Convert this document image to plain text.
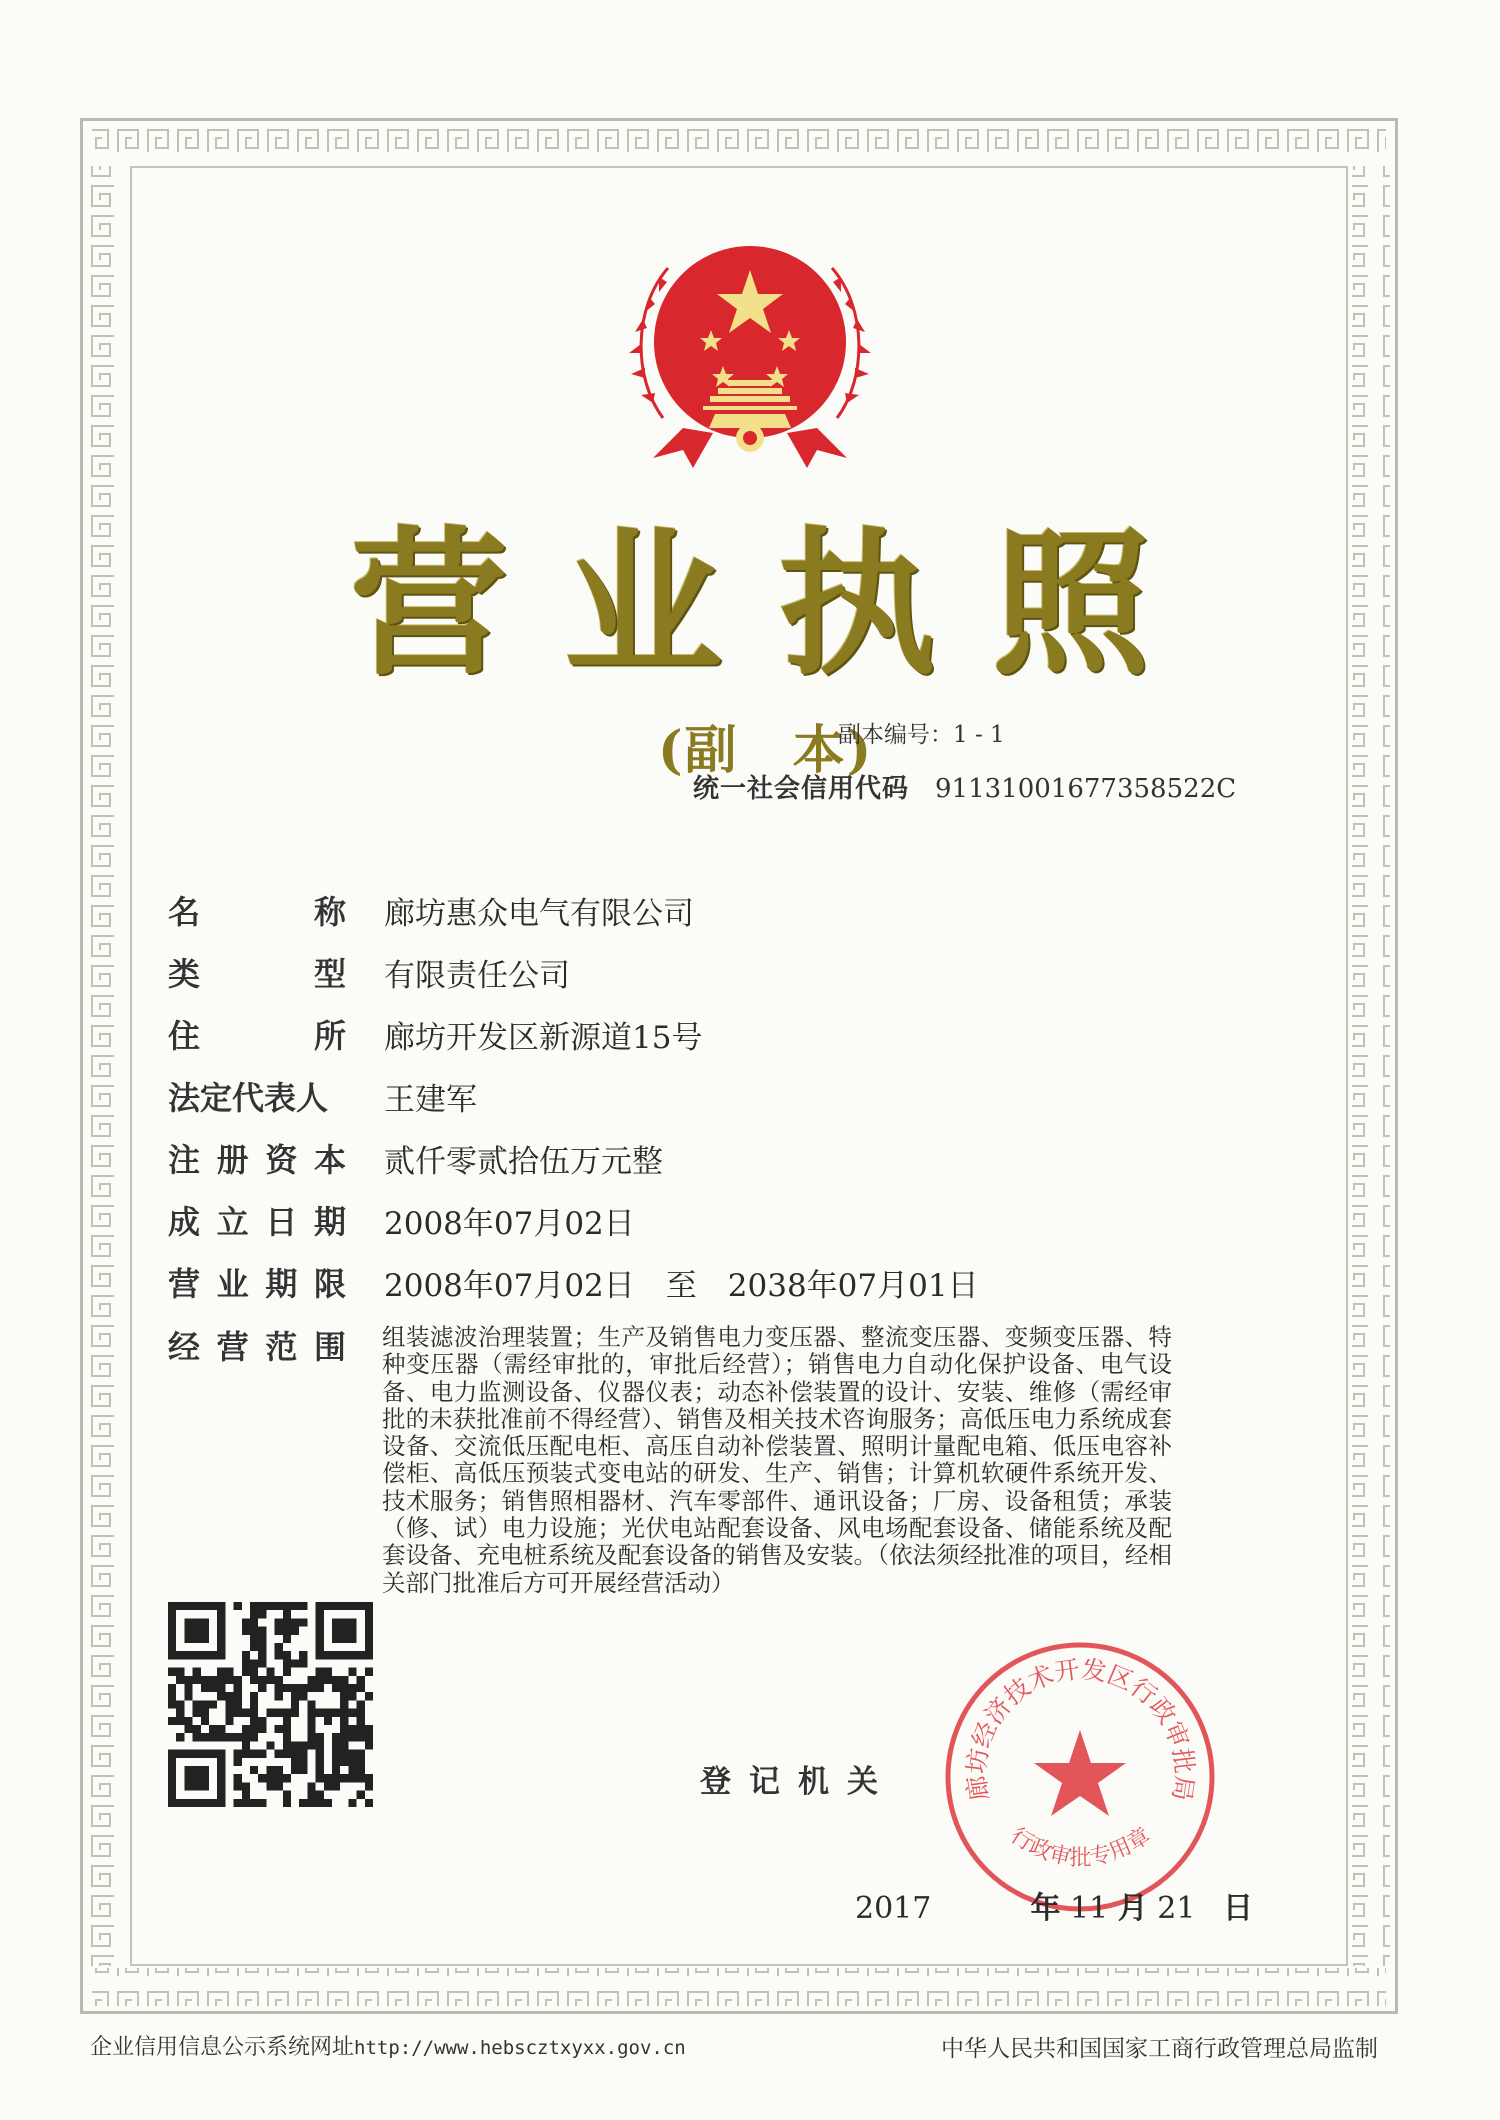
营 业 执 照
(副　本)
副本编号：1 - 1
统一社会信用代码 91131001677358522C
名	称 廊坊惠众电气有限公司
类	型 有限责任公司
住	所 廊坊开发区新源道15号
法定代表人 王建军
注 册 资 本 贰仟零贰拾伍万元整
成 立 日 期 2008年07月02日
营 业 期 限 2008年07月02日　至　2038年07月01日
经 营 范 围 组装滤波治理装置；生产及销售电力变压器、整流变压器、变频变压器、特种变压器（需经审批的，审批后经营）；销售电力自动化保护设备、电气设备、电力监测设备、仪器仪表；动态补偿装置的设计、安装、维修（需经审批的未获批准前不得经营）、销售及相关技术咨询服务；高低压电力系统成套设备、交流低压配电柜、高压自动补偿装置、照明计量配电箱、低压电容补偿柜、高低压预装式变电站的研发、生产、销售；计算机软硬件系统开发、技术服务；销售照相器材、汽车零部件、通讯设备；厂房、设备租赁；承装（修、试）电力设施；光伏电站配套设备、风电场配套设备、储能系统及配套设备、充电桩系统及配套设备的销售及安装。（依法须经批准的项目，经相关部门批准后方可开展经营活动）
登记机关	廊坊经济技术开发区行政审批局
行政审批专用章
2017	年 11 月 21 日
企业信用信息公示系统网址http://www.hebscztxyxx.gov.cn	中华人民共和国国家工商行政管理总局监制
